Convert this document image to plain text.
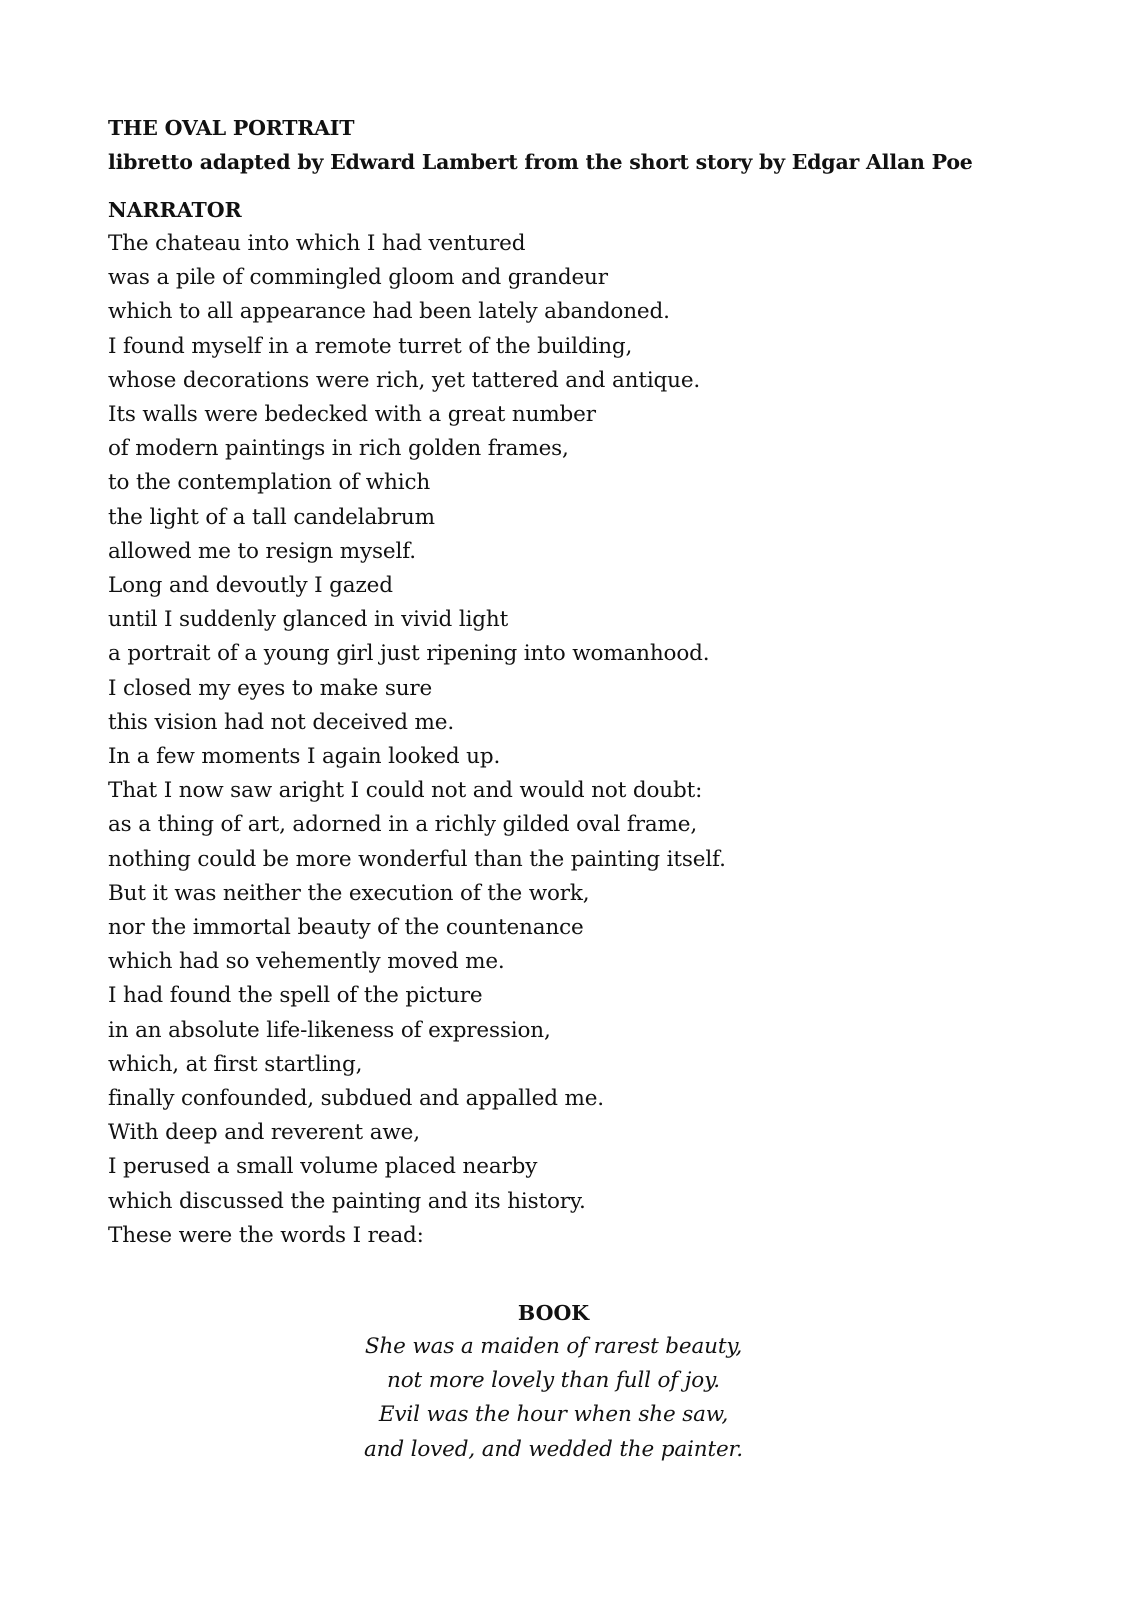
THE OVAL PORTRAIT
libretto adapted by Edward Lambert from the short story by Edgar Allan Poe
NARRATOR
The chateau into which I had ventured
was a pile of commingled gloom and grandeur
which to all appearance had been lately abandoned.
I found myself in a remote turret of the building,
whose decorations were rich, yet tattered and antique.
Its walls were bedecked with a great number
of modern paintings in rich golden frames,
to the contemplation of which
the light of a tall candelabrum
allowed me to resign myself.
Long and devoutly I gazed
until I suddenly glanced in vivid light
a portrait of a young girl just ripening into womanhood.
I closed my eyes to make sure
this vision had not deceived me.
In a few moments I again looked up.
That I now saw aright I could not and would not doubt:
as a thing of art, adorned in a richly gilded oval frame,
nothing could be more wonderful than the painting itself.
But it was neither the execution of the work,
nor the immortal beauty of the countenance
which had so vehemently moved me.
I had found the spell of the picture
in an absolute life-likeness of expression,
which, at first startling,
finally confounded, subdued and appalled me.
With deep and reverent awe,
I perused a small volume placed nearby
which discussed the painting and its history.
These were the words I read:
BOOK
She was a maiden of rarest beauty,
not more lovely than full of joy.
Evil was the hour when she saw,
and loved, and wedded the painter.
